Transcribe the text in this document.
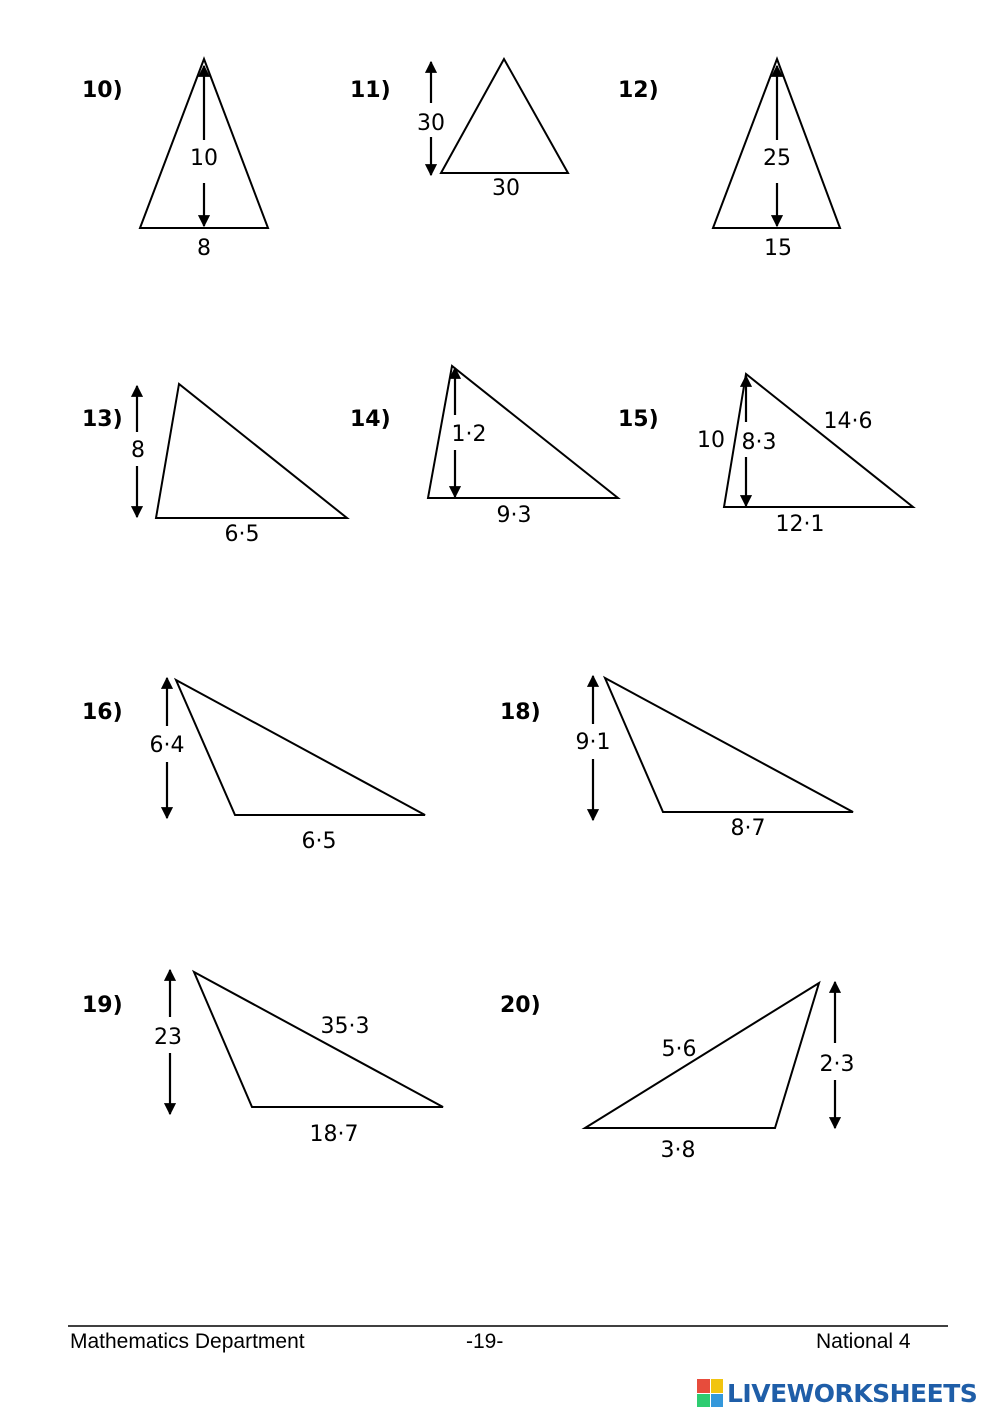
10)
10
8
11)
30
30
12)
25
15
13)
8
6·5
14)
1·2
9·3
15)
10 8·3
14·6
12·1
16)
6·4
6·5
18)
9·1
8·7
19)
23	35·3
18·7
20)
2·3
5·6
3·8
Mathematics Department	-19-	National 4
LIVEWORKSHEETS
